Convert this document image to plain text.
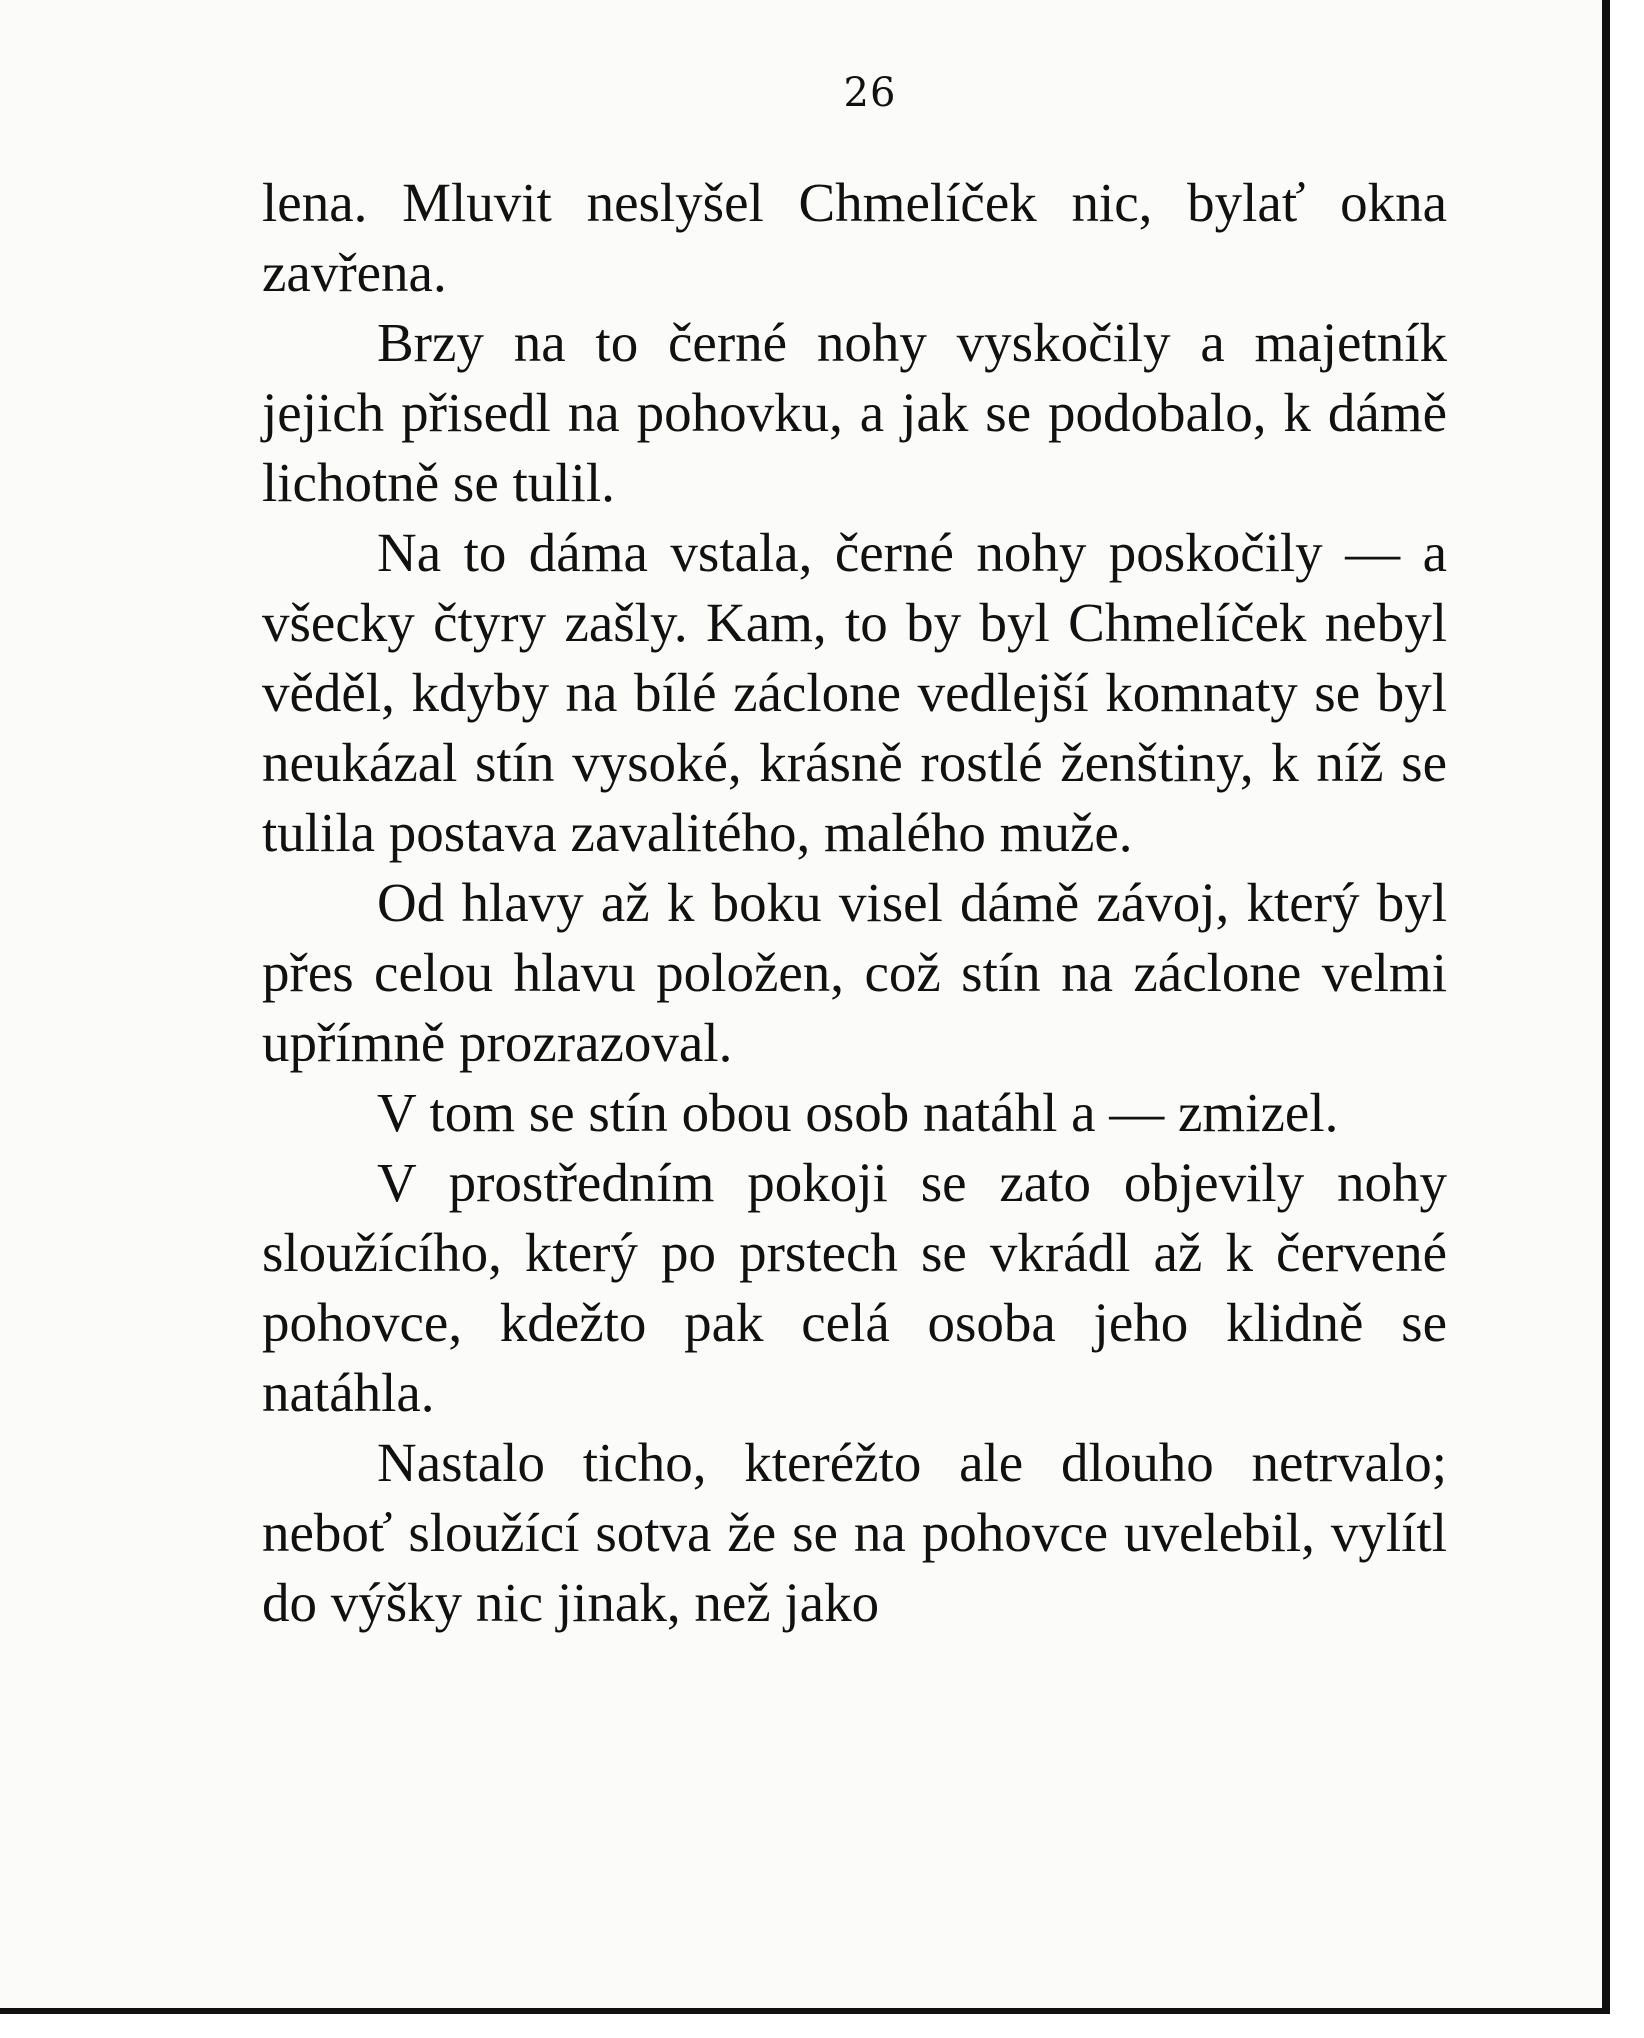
26

lena. Mluvit neslyšel Chmelíček nic, bylať okna zavřena.

Brzy na to černé nohy vyskočily a majetník jejich přisedl na pohovku, a jak se podobalo, k dámě lichotně se tulil.

Na to dáma vstala, černé nohy poskočily — a všecky čtyry zašly. Kam, to by byl Chmelíček nebyl věděl, kdyby na bílé záclone vedlejší komnaty se byl neukázal stín vysoké, krásně rostlé ženštiny, k níž se tulila postava zavalitého, malého muže.

Od hlavy až k boku visel dámě závoj, který byl přes celou hlavu položen, což stín na záclone velmi upřímně prozrazoval.

V tom se stín obou osob natáhl a — zmizel.

V prostředním pokoji se zato objevily nohy sloužícího, který po prstech se vkrádl až k červené pohovce, kdežto pak celá osoba jeho klidně se natáhla.

Nastalo ticho, kteréžto ale dlouho netrvalo; neboť sloužící sotva že se na pohovce uvelebil, vylítl do výšky nic jinak, než jako
